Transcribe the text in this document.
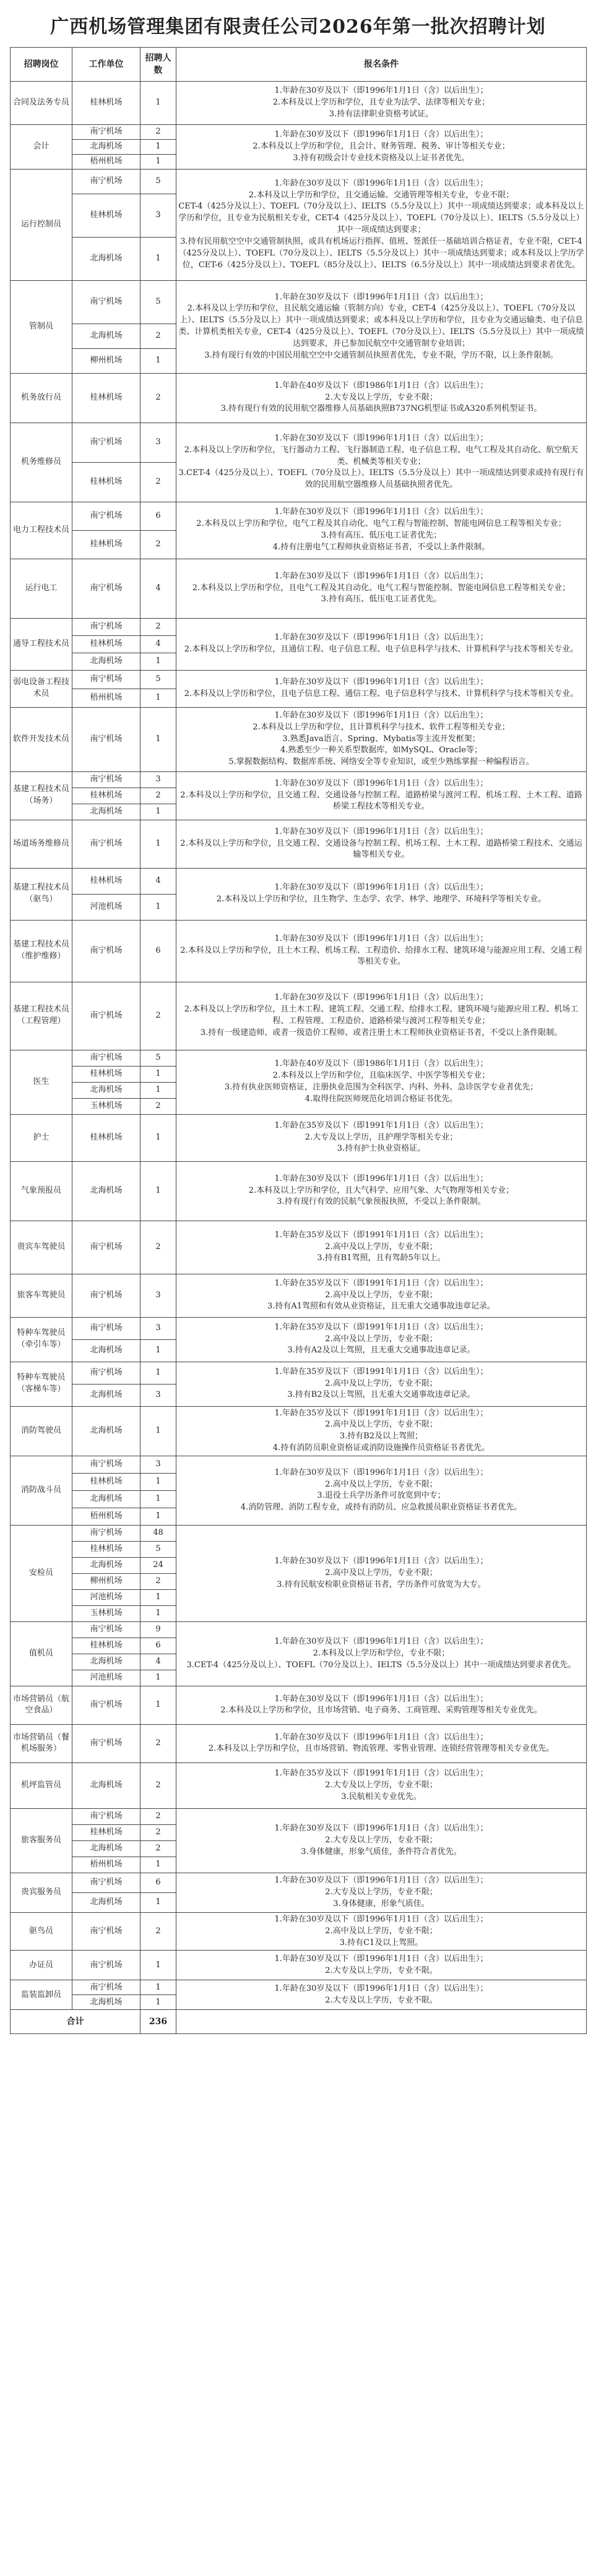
广西机场管理集团有限责任公司2026年第一批次招聘计划
招聘岗位	工作单位	招聘人数	报名条件
合同及法务专员	桂林机场	1	1.年龄在30岁及以下（即1996年1月1日（含）以后出生）；
2.本科及以上学历和学位，且专业为法学、法律等相关专业；
3.持有法律职业资格考试证。

会计	南宁机场	2	1.年龄在30岁及以下（即1996年1月1日（含）以后出生）；
2.本科及以上学历和学位，且会计、财务管理、税务、审计等相关专业；
3.持有初级会计专业技术资格及以上证书者优先。

	北海机场	1	
	梧州机场	1	
运行控制员	南宁机场	5	1.年龄在30岁及以下（即1996年1月1日（含）以后出生）；
2.本科及以上学历和学位，且交通运输、交通管理等相关专业，专业不限；
CET-4（425分及以上）、TOEFL（70分及以上）、IELTS（5.5分及以上）其中一项成绩达到要求；或本科及以上学历和学位，且专业为民航相关专业，CET-4（425分及以上）、TOEFL（70分及以上）、IELTS（5.5分及以上）其中一项成绩达到要求；
3.持有民用航空空中交通管制执照，或具有机场运行指挥、值班、签派任一基础培训合格证者，专业不限，CET-4（425分及以上）、TOEFL（70分及以上）、IELTS（5.5分及以上）其中一项成绩达到要求；或本科及以上学历学位，CET-6（425分及以上）、TOEFL（85分及以上）、IELTS（6.5分及以上）其中一项成绩达到要求者优先。

	桂林机场	3	
	北海机场	1	
管制员	南宁机场	5	1.年龄在30岁及以下（即1996年1月1日（含）以后出生）；
2.本科及以上学历和学位，且民航交通运输（管制方向）专业，CET-4（425分及以上）、TOEFL（70分及以上）、IELTS（5.5分及以上）其中一项成绩达到要求；或本科及以上学历和学位，且专业为交通运输类、电子信息类、计算机类相关专业，CET-4（425分及以上）、TOEFL（70分及以上）、IELTS（5.5分及以上）其中一项成绩达到要求，并已参加民航空中交通管制专业培训；
3.持有现行有效的中国民用航空空中交通管制员执照者优先，专业不限，学历不限，以上条件限制。

	北海机场	2	
	柳州机场	1	
机务放行员	桂林机场	2	1.年龄在40岁及以下（即1986年1月1日（含）以后出生）；
2.大专及以上学历，专业不限；
3.持有现行有效的民用航空器维修人员基础执照B737NG机型证书或A320系列机型证书。

机务维修员	南宁机场	3	1.年龄在30岁及以下（即1996年1月1日（含）以后出生）；
2.本科及以上学历和学位，飞行器动力工程、飞行器制造工程、电子信息工程、电气工程及其自动化、航空航天类、机械类等相关专业；
3.CET-4（425分及以上）、TOEFL（70分及以上）、IELTS（5.5分及以上）其中一项成绩达到要求或持有现行有效的民用航空器维修人员基础执照者优先。

	桂林机场	2	
电力工程技术员	南宁机场	6	1.年龄在30岁及以下（即1996年1月1日（含）以后出生）；
2.本科及以上学历和学位，电气工程及其自动化、电气工程与智能控制、智能电网信息工程等相关专业；
3.持有高压、低压电工证者优先；
4.持有注册电气工程师执业资格证书者，不受以上条件限制。

	桂林机场	2	
运行电工	南宁机场	4	1.年龄在30岁及以下（即1996年1月1日（含）以后出生）；
2.本科及以上学历和学位，且电气工程及其自动化、电气工程与智能控制、智能电网信息工程等相关专业；
3.持有高压、低压电工证者优先。

通导工程技术员	南宁机场	2	1.年龄在30岁及以下（即1996年1月1日（含）以后出生）；
2.本科及以上学历和学位，且通信工程、电子信息工程、电子信息科学与技术、计算机科学与技术等相关专业。

	桂林机场	4	
	北海机场	1	
弱电设备工程技术员	南宁机场	5	1.年龄在30岁及以下（即1996年1月1日（含）以后出生）；
2.本科及以上学历和学位，且电子信息工程、通信工程、电子信息科学与技术、计算机科学与技术等相关专业。

	梧州机场	1	
软件开发技术员	南宁机场	1	1.年龄在30岁及以下（即1996年1月1日（含）以后出生）；
2.本科及以上学历和学位，且计算机科学与技术、软件工程等相关专业；
3.熟悉Java语言、Spring、Mybatis等主流开发框架；
4.熟悉至少一种关系型数据库，如MySQL、Oracle等；
5.掌握数据结构、数据库系统、网络安全等专业知识，或至少熟练掌握一种编程语言。

基建工程技术员（场务）	南宁机场	3	1.年龄在30岁及以下（即1996年1月1日（含）以后出生）；
2.本科及以上学历和学位，且交通工程、交通设备与控制工程、道路桥梁与渡河工程、机场工程、土木工程、道路桥梁工程技术等相关专业。

	桂林机场	2	
	北海机场	1	
场道场务维修员	南宁机场	1	1.年龄在30岁及以下（即1996年1月1日（含）以后出生）；
2.本科及以上学历和学位，且交通工程、交通设备与控制工程、机场工程、土木工程、道路桥梁工程技术、交通运输等相关专业。

基建工程技术员（驱鸟）	桂林机场	4	1.年龄在30岁及以下（即1996年1月1日（含）以后出生）；
2.本科及以上学历和学位，且生物学、生态学、农学、林学、地理学、环境科学等相关专业。

	河池机场	1	
基建工程技术员（维护维修）	南宁机场	6	1.年龄在30岁及以下（即1996年1月1日（含）以后出生）；
2.本科及以上学历和学位，且土木工程、机场工程、工程造价、给排水工程、建筑环境与能源应用工程、交通工程等相关专业。

基建工程技术员（工程管理）	南宁机场	2	1.年龄在30岁及以下（即1996年1月1日（含）以后出生）；
2.本科及以上学历和学位，且土木工程、建筑工程、交通工程、给排水工程、建筑环境与能源应用工程、机场工程、工程管理、工程造价、道路桥梁与渡河工程等相关专业；
3.持有一级建造师、或者一级造价工程师、或者注册土木工程师执业资格证书者，不受以上条件限制。

医生	南宁机场	5	1.年龄在40岁及以下（即1986年1月1日（含）以后出生）；
2.本科及以上学历和学位，且临床医学、中医学等相关专业；
3.持有执业医师资格证，注册执业范围为全科医学、内科、外科、急诊医学专业者优先；
4.取得住院医师规范化培训合格证书优先。

	桂林机场	1	
	北海机场	1	
	玉林机场	2	
护士	桂林机场	1	1.年龄在35岁及以下（即1991年1月1日（含）以后出生）；
2.大专及以上学历，且护理学等相关专业；
3.持有护士执业资格证。

气象预报员	北海机场	1	1.年龄在30岁及以下（即1996年1月1日（含）以后出生）；
2.本科及以上学历和学位，且大气科学、应用气象、大气物理等相关专业；
3.持有现行有效的民航气象预报执照，不受以上条件限制。

贵宾车驾驶员	南宁机场	2	1.年龄在35岁及以下（即1991年1月1日（含）以后出生）；
2.高中及以上学历，专业不限；
3.持有B1驾照，且有驾龄5年以上。

旅客车驾驶员	南宁机场	3	1.年龄在35岁及以下（即1991年1月1日（含）以后出生）；
2.高中及以上学历，专业不限；
3.持有A1驾照和有效从业资格证，且无重大交通事故违章记录。

特种车驾驶员（牵引车等）	南宁机场	3	1.年龄在35岁及以下（即1991年1月1日（含）以后出生）；
2.高中及以上学历，专业不限；
3.持有A2及以上驾照，且无重大交通事故违章记录。

	北海机场	1	
特种车驾驶员（客梯车等）	南宁机场	1	1.年龄在35岁及以下（即1991年1月1日（含）以后出生）；
2.高中及以上学历，专业不限；
3.持有B2及以上驾照，且无重大交通事故违章记录。

	北海机场	3	
消防驾驶员	北海机场	1	1.年龄在35岁及以下（即1991年1月1日（含）以后出生）；
2.高中及以上学历，专业不限；
3.持有B2及以上驾照；
4.持有消防员职业资格证或消防设施操作员资格证书者优先。

消防战斗员	南宁机场	3	1.年龄在30岁及以下（即1996年1月1日（含）以后出生）；
2.高中及以上学历，专业不限；
3.退役士兵学历条件可放宽到中专；
4.消防管理、消防工程专业，或持有消防员、应急救援员职业资格证书者优先。

	桂林机场	1	
	北海机场	1	
	梧州机场	1	
安检员	南宁机场	48	1.年龄在30岁及以下（即1996年1月1日（含）以后出生）；
2.高中及以上学历，专业不限；
3.持有民航安检职业资格证书者，学历条件可放宽为大专。

	桂林机场	5	
	北海机场	24	
	柳州机场	2	
	河池机场	1	
	玉林机场	1	
值机员	南宁机场	9	1.年龄在30岁及以下（即1996年1月1日（含）以后出生）；
2.本科及以上学历和学位，专业不限；
3.CET-4（425分及以上）、TOEFL（70分及以上）、IELTS（5.5分及以上）其中一项成绩达到要求者优先。

	桂林机场	6	
	北海机场	4	
	河池机场	1	
市场营销员（航空食品）	南宁机场	1	1.年龄在30岁及以下（即1996年1月1日（含）以后出生）；
2.本科及以上学历和学位，且市场营销、电子商务、工商管理、采购管理等相关专业优先。

市场营销员（餐机场服务）	南宁机场	2	1.年龄在30岁及以下（即1996年1月1日（含）以后出生）；
2.本科及以上学历和学位，且市场营销、物流管理、零售业管理、连锁经营管理等相关专业优先。

机坪监管员	北海机场	2	1.年龄在35岁及以下（即1991年1月1日（含）以后出生）；
2.大专及以上学历，专业不限；
3.民航相关专业优先。

旅客服务员	南宁机场	2	1.年龄在30岁及以下（即1996年1月1日（含）以后出生）；
2.大专及以上学历，专业不限；
3.身体健康，形象气质佳，条件符合者优先。

	桂林机场	2	
	北海机场	2	
	梧州机场	1	
贵宾服务员	南宁机场	6	1.年龄在30岁及以下（即1996年1月1日（含）以后出生）；
2.大专及以上学历，专业不限；
3.身体健康，形象气质佳。

	北海机场	1	
驱鸟员	南宁机场	2	1.年龄在30岁及以下（即1996年1月1日（含）以后出生）；
2.高中及以上学历，专业不限；
3.持有C1及以上驾照。

办证员	南宁机场	1	1.年龄在30岁及以下（即1996年1月1日（含）以后出生）；
2.大专及以上学历，专业不限。

监装监卸员	南宁机场	1	1.年龄在30岁及以下（即1996年1月1日（含）以后出生）；
2.大专及以上学历，专业不限。

	北海机场	1	
合计		236	
